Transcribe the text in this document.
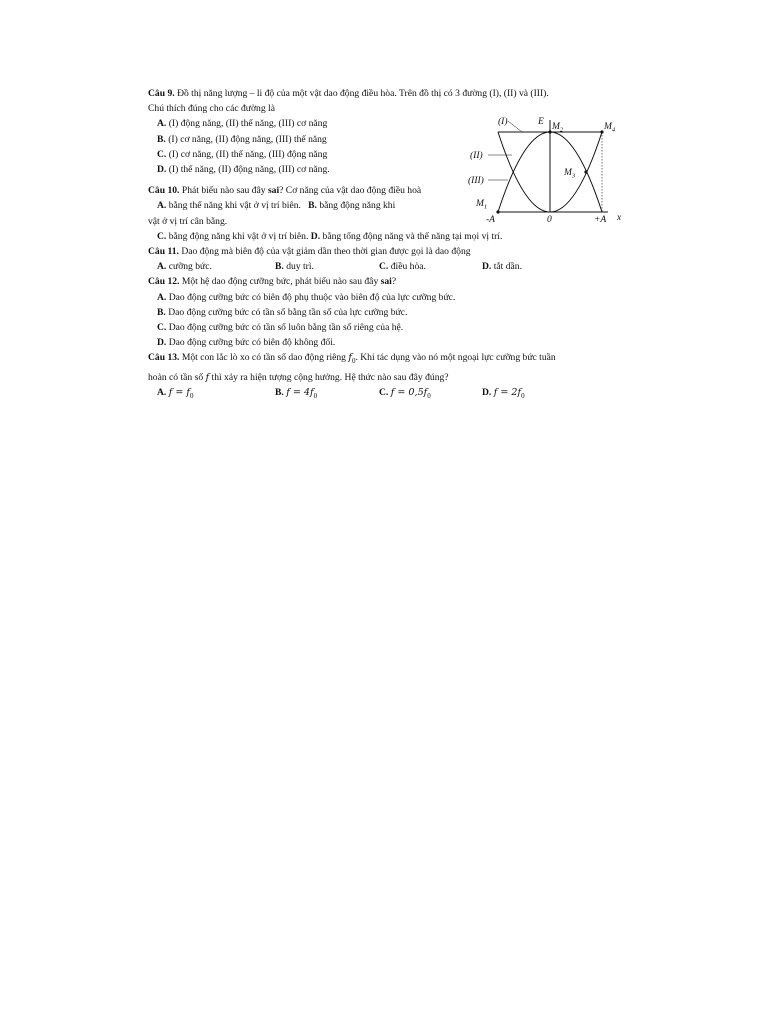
Câu 9. Đồ thị năng lượng – li độ của một vật dao động điều hòa. Trên đồ thị có 3 đường (I), (II) và (III).

Chú thích đúng cho các đường là

A. (I) động năng, (II) thế năng, (III) cơ năng
B. (I) cơ năng, (II) động năng, (III) thế năng
C. (I) cơ năng, (II) thế năng, (III) động năng
D. (I) thế năng, (II) động năng, (III) cơ năng.

Câu 10. Phát biểu nào sau đây sai? Cơ năng của vật dao động điều hoà

A. bằng thế năng khi vật ở vị trí biên. B. bằng động năng khi

vật ở vị trí cân bằng.

C. bằng động năng khi vật ở vị trí biên. D. bằng tổng động năng và thế năng tại mọi vị trí.

Câu 11. Dao động mà biên độ của vật giảm dần theo thời gian được gọi là dao động

A. cưỡng bức.	B. duy trì.	C. điều hòa.	D. tắt dần.

Câu 12. Một hệ dao động cưỡng bức, phát biểu nào sau đây sai?

A. Dao động cưỡng bức có biên độ phụ thuộc vào biên độ của lực cưỡng bức.
B. Dao động cưỡng bức có tần số bằng tần số của lực cưỡng bức.
C. Dao động cưỡng bức có tần số luôn bằng tần số riêng của hệ.
D. Dao động cưỡng bức có biên độ không đổi.

Câu 13. Một con lắc lò xo có tần số dao động riêng $f_0$. Khi tác dụng vào nó một ngoại lực cưỡng bức tuần

hoàn có tần số f thì xảy ra hiện tượng cộng hưởng. Hệ thức nào sau đây đúng?

A. $f = f_0$	B. $f = 4f_0$	C. $f = 0,5f_0$	D. $f = 2f_0$
(I)
(II)
(III)
E
x
-A	0	+A
$M_1$
$M_2$
$M_3$
$M_4$
